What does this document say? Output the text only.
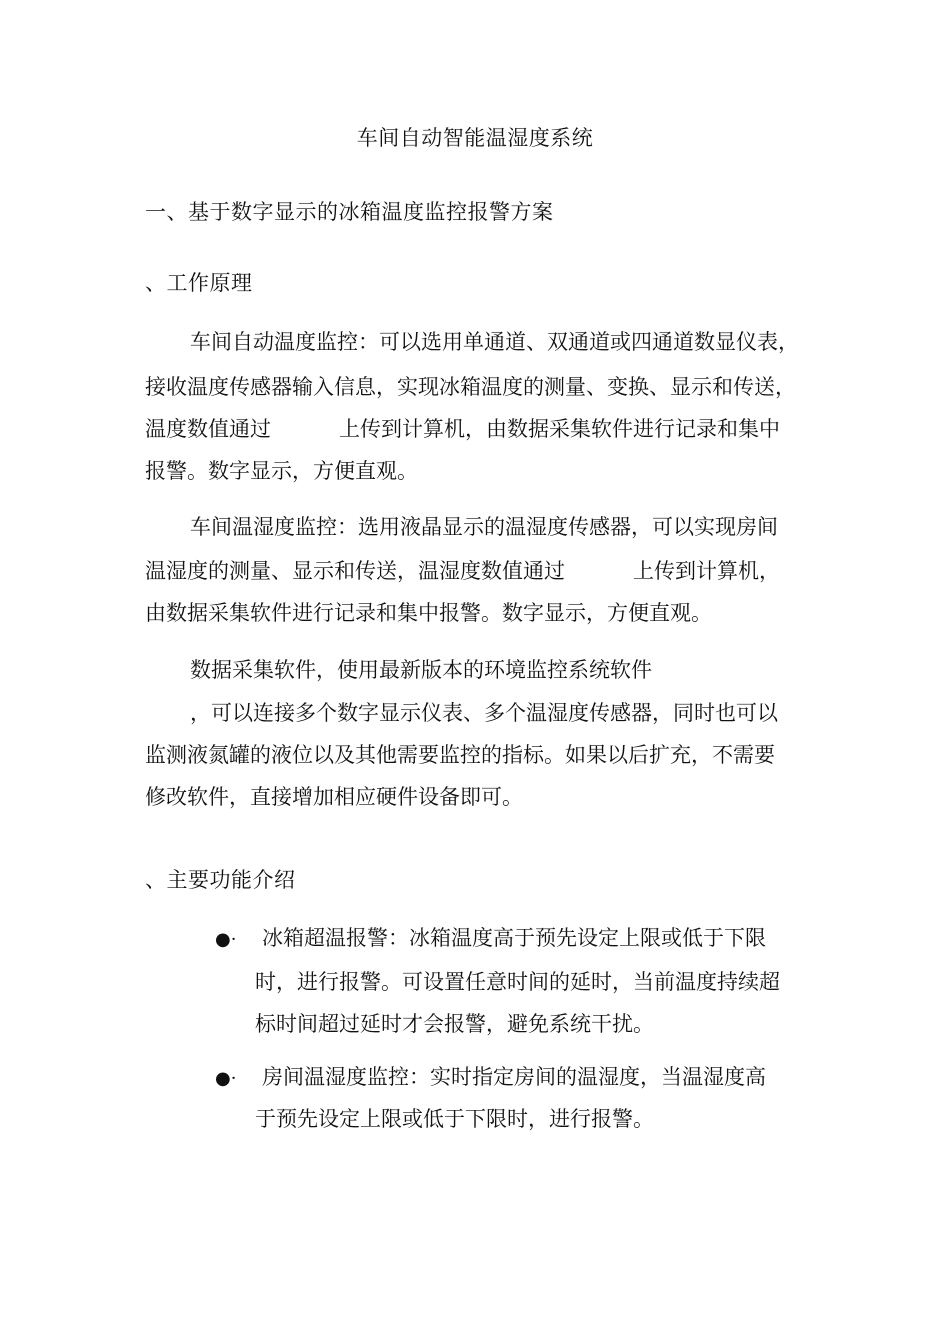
车间自动智能温湿度系统
一、基于数字显示的冰箱温度监控报警方案
、工作原理
车间自动温度监控：可以选用单通道、双通道或四通道数显仪表，
接收温度传感器输入信息，实现冰箱温度的测量、变换、显示和传送，
温度数值通过	上传到计算机，由数据采集软件进行记录和集中
报警。数字显示，方便直观。
车间温湿度监控：选用液晶显示的温湿度传感器，可以实现房间
温湿度的测量、显示和传送，温湿度数值通过	上传到计算机，
由数据采集软件进行记录和集中报警。数字显示，方便直观。
数据采集软件，使用最新版本的环境监控系统软件
，可以连接多个数字显示仪表、多个温湿度传感器，同时也可以
监测液氮罐的液位以及其他需要监控的指标。如果以后扩充，不需要
修改软件，直接增加相应硬件设备即可。
、主要功能介绍
●· 冰箱超温报警：冰箱温度高于预先设定上限或低于下限
时，进行报警。可设置任意时间的延时，当前温度持续超
标时间超过延时才会报警，避免系统干扰。
●· 房间温湿度监控：实时指定房间的温湿度，当温湿度高
于预先设定上限或低于下限时，进行报警。
